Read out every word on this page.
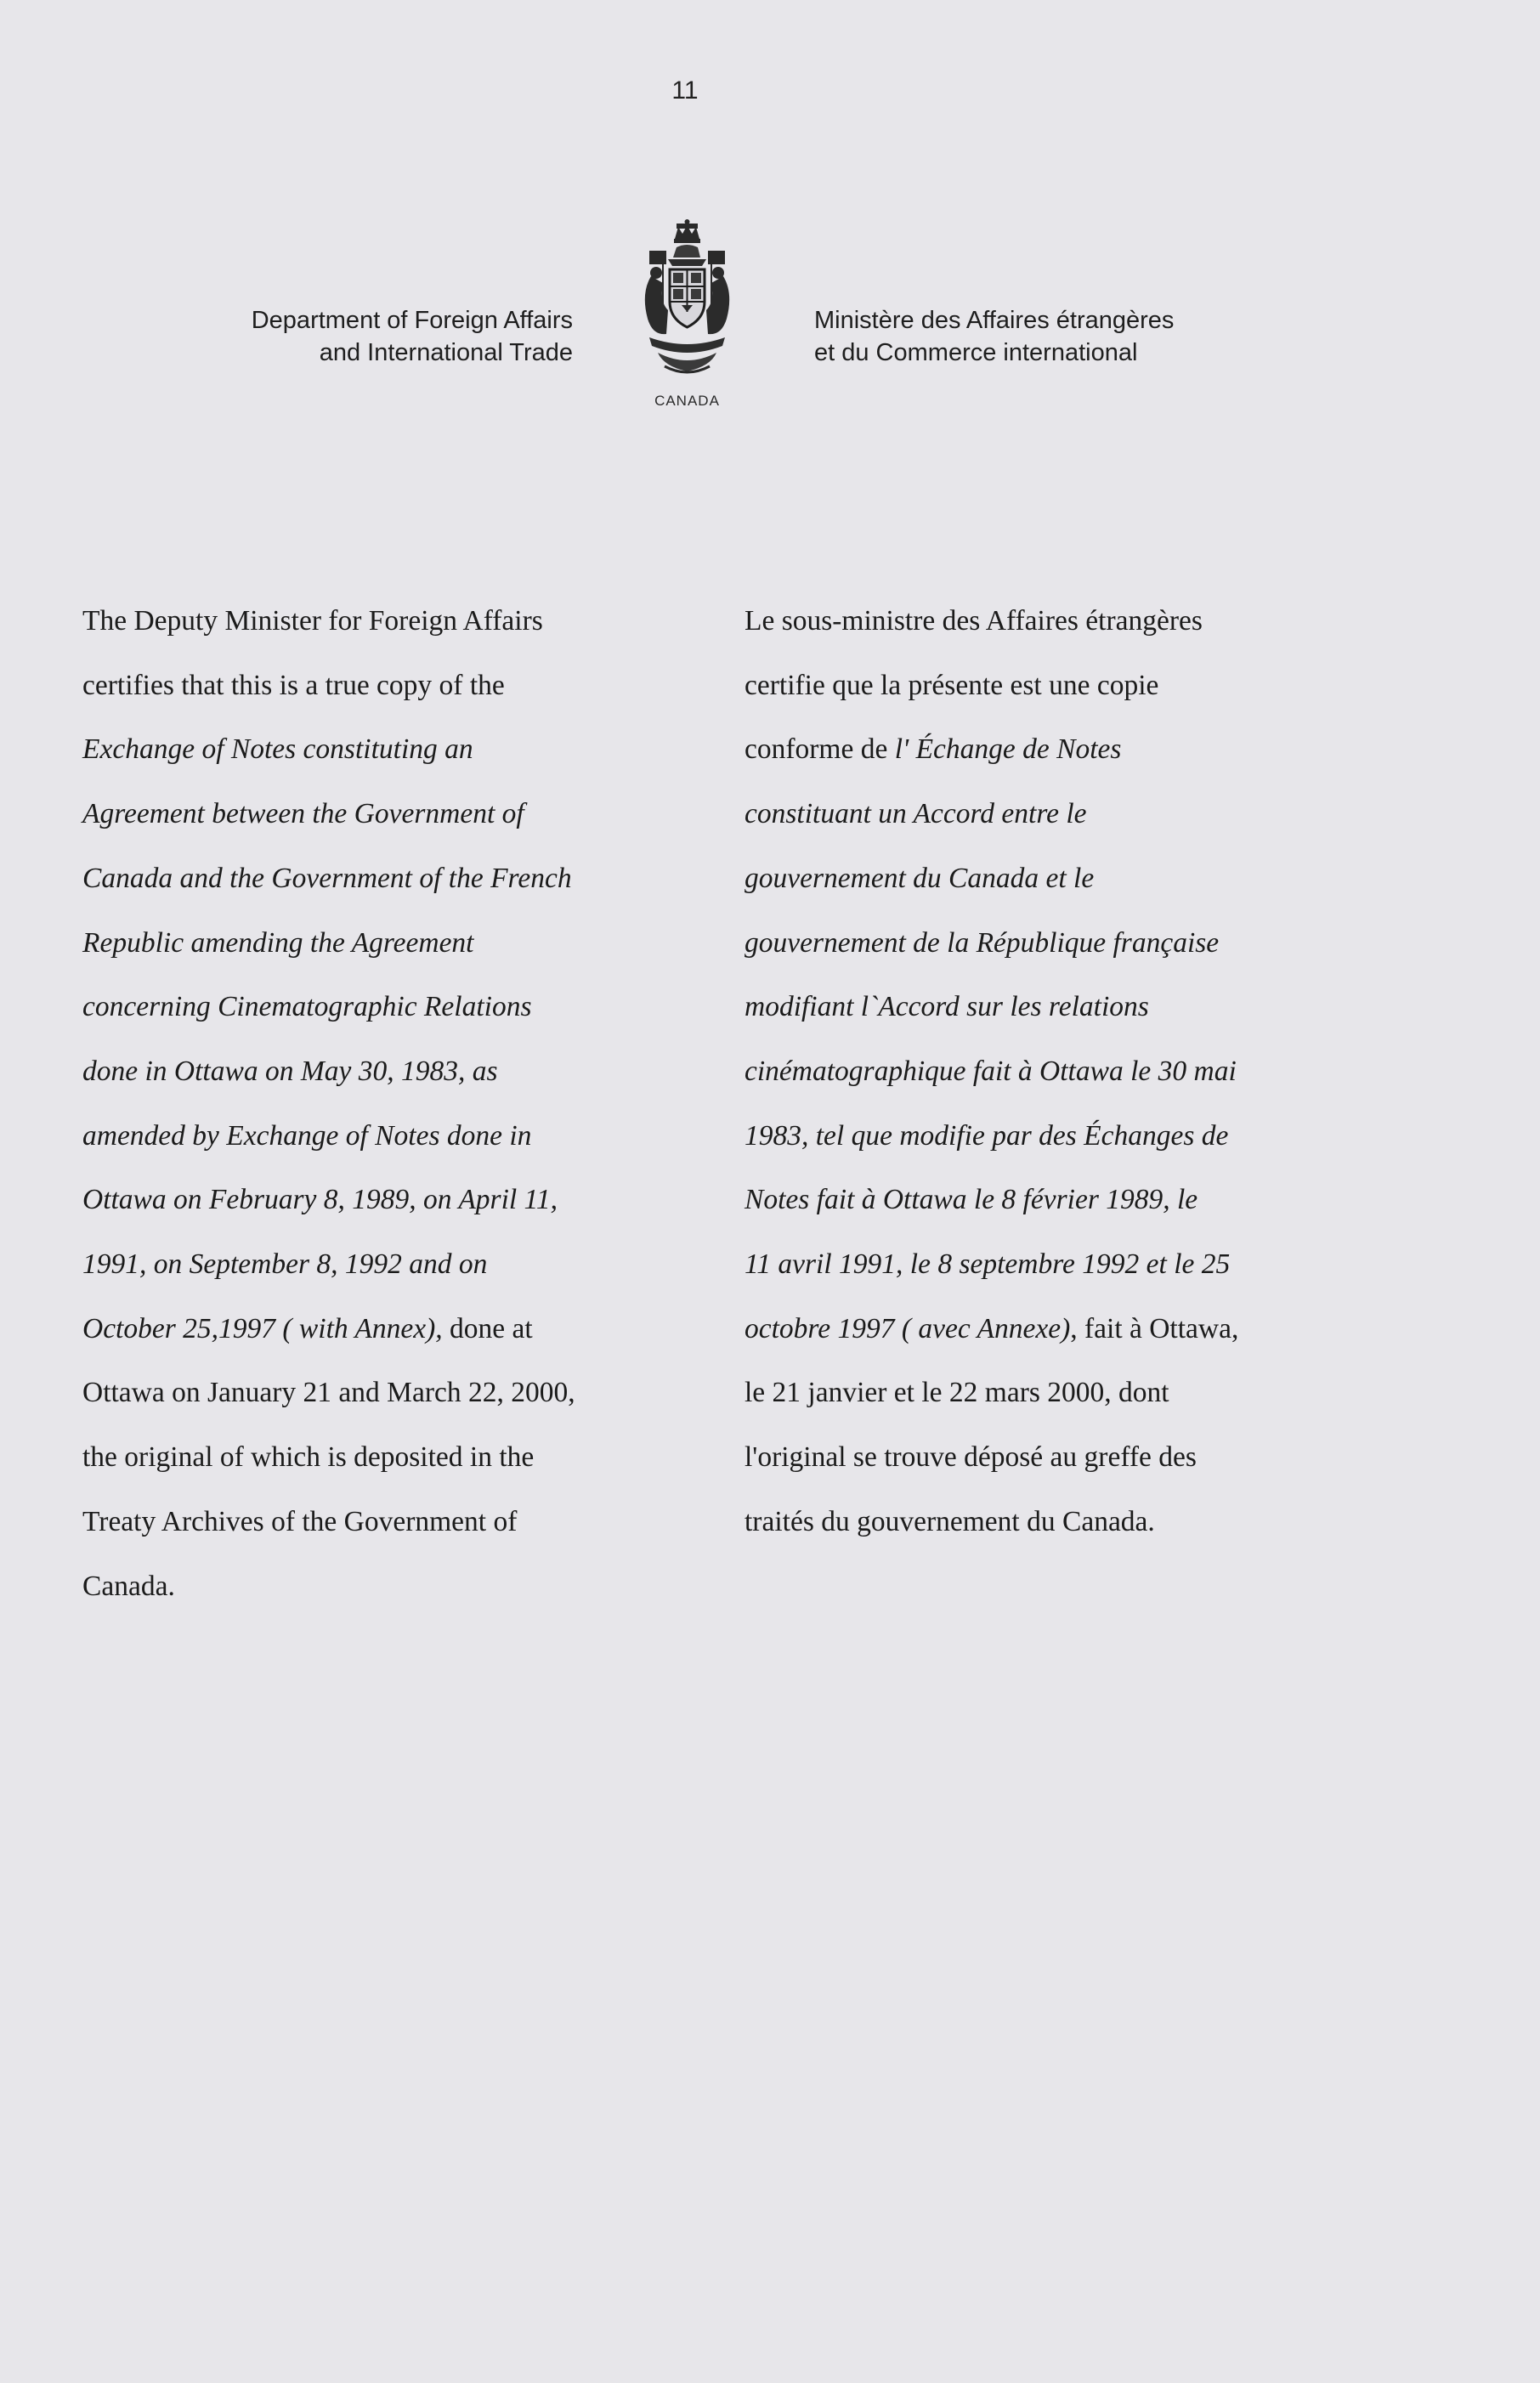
11
Department of Foreign Affairs
and International Trade
CANADA
Ministère des Affaires étrangères
et du Commerce international
The Deputy Minister for Foreign Affairs
certifies that this is a true copy of the
Exchange of Notes constituting an
Agreement between the Government of
Canada and the Government of the French
Republic amending the Agreement
concerning Cinematographic Relations
done in Ottawa on May 30, 1983, as
amended by Exchange of Notes done in
Ottawa on February 8, 1989, on April 11,
1991, on September 8, 1992 and on
October 25,1997 ( with Annex), done at
Ottawa on January 21 and March 22, 2000,
the original of which is deposited in the
Treaty Archives of the Government of
Canada.
Le sous-ministre des Affaires étrangères
certifie que la présente est une copie
conforme de l' Échange de Notes
constituant un Accord entre le
gouvernement du Canada et le
gouvernement de la République française
modifiant l`Accord sur les relations
cinématographique fait à Ottawa le 30 mai
1983, tel que modifie par des Échanges de
Notes fait à Ottawa le 8 février 1989, le
11 avril 1991, le 8 septembre 1992 et le 25
octobre 1997 ( avec Annexe), fait à Ottawa,
le 21 janvier et le 22 mars 2000, dont
l'original se trouve déposé au greffe des
traités du gouvernement du Canada.
